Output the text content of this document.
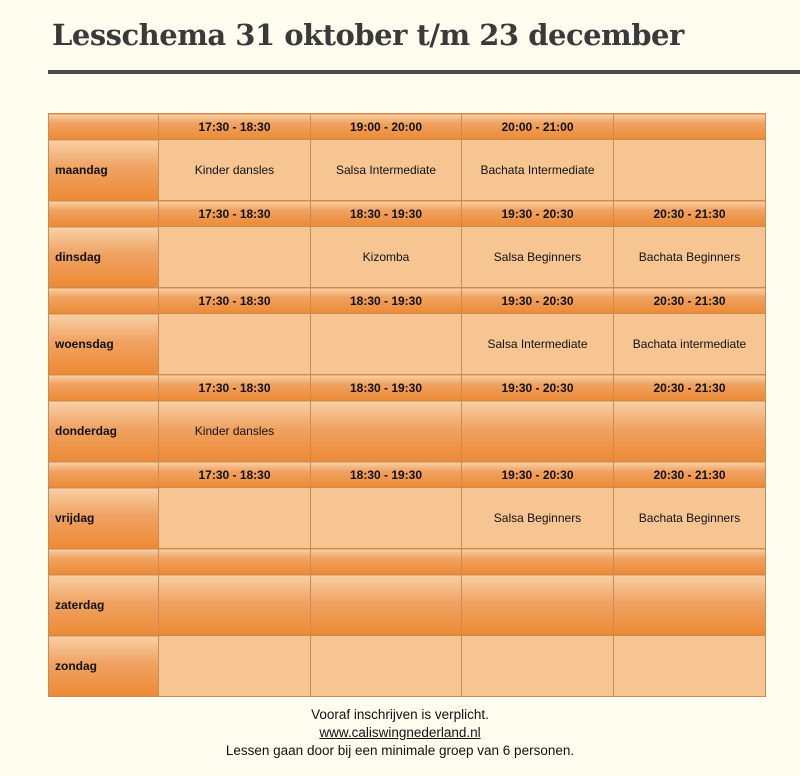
Lesschema 31 oktober t/m 23 december
	17:30 - 18:30	19:00 - 20:00	20:00 - 21:00	
maandag	Kinder dansles	Salsa Intermediate	Bachata Intermediate	
	17:30 - 18:30	18:30 - 19:30	19:30 - 20:30	20:30 - 21:30
dinsdag		Kizomba	Salsa Beginners	Bachata Beginners
	17:30 - 18:30	18:30 - 19:30	19:30 - 20:30	20:30 - 21:30
woensdag			Salsa Intermediate	Bachata intermediate
	17:30 - 18:30	18:30 - 19:30	19:30 - 20:30	20:30 - 21:30
donderdag	Kinder dansles			
	17:30 - 18:30	18:30 - 19:30	19:30 - 20:30	20:30 - 21:30
vrijdag			Salsa Beginners	Bachata Beginners

zaterdag				
zondag				
Vooraf inschrijven is verplicht.
www.caliswingnederland.nl
Lessen gaan door bij een minimale groep van 6 personen.
